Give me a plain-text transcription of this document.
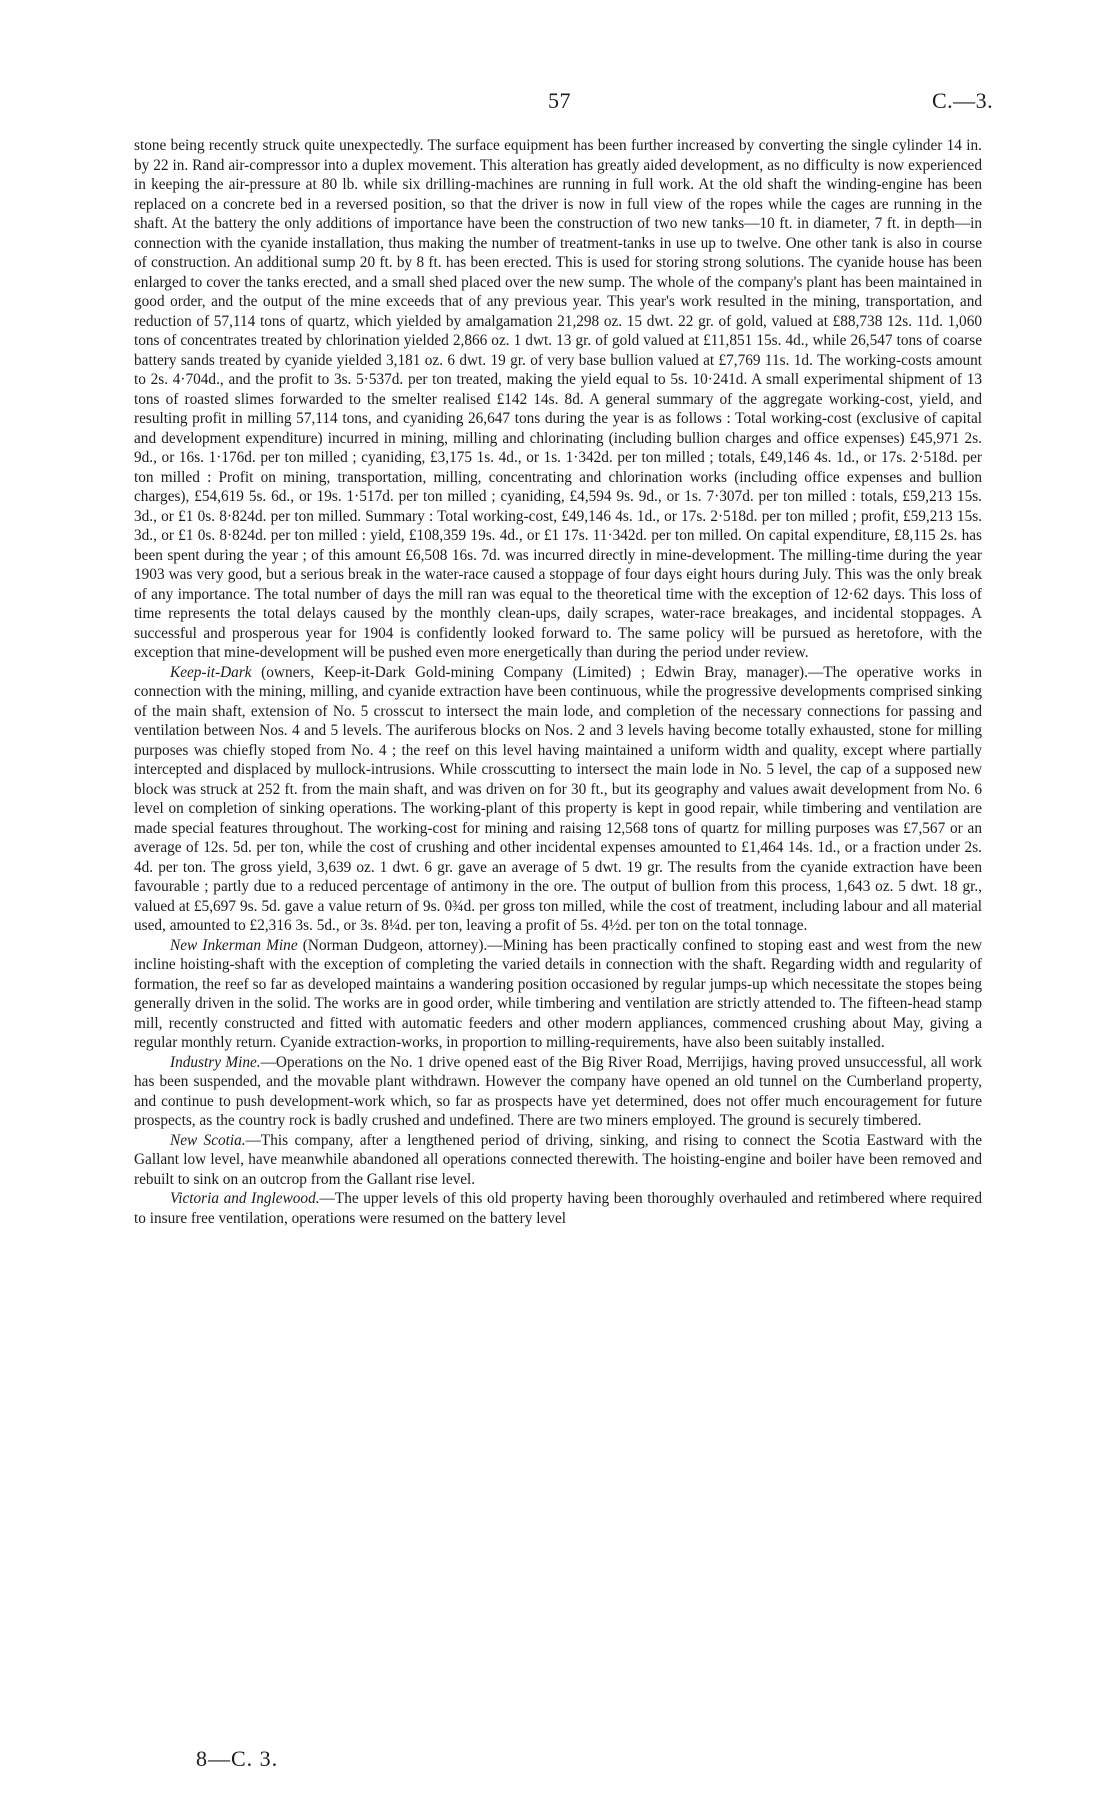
57	C.—3.

stone being recently struck quite unexpectedly. The surface equipment has been further increased by converting the single cylinder 14 in. by 22 in. Rand air-compressor into a duplex movement. This alteration has greatly aided development, as no difficulty is now experienced in keeping the air-pressure at 80 lb. while six drilling-machines are running in full work. At the old shaft the winding-engine has been replaced on a concrete bed in a reversed position, so that the driver is now in full view of the ropes while the cages are running in the shaft. At the battery the only additions of importance have been the construction of two new tanks—10 ft. in diameter, 7 ft. in depth—in connection with the cyanide installation, thus making the number of treatment-tanks in use up to twelve. One other tank is also in course of construction. An additional sump 20 ft. by 8 ft. has been erected. This is used for storing strong solutions. The cyanide house has been enlarged to cover the tanks erected, and a small shed placed over the new sump. The whole of the company's plant has been maintained in good order, and the output of the mine exceeds that of any previous year. This year's work resulted in the mining, transportation, and reduction of 57,114 tons of quartz, which yielded by amalgamation 21,298 oz. 15 dwt. 22 gr. of gold, valued at £88,738 12s. 11d. 1,060 tons of concentrates treated by chlorination yielded 2,866 oz. 1 dwt. 13 gr. of gold valued at £11,851 15s. 4d., while 26,547 tons of coarse battery sands treated by cyanide yielded 3,181 oz. 6 dwt. 19 gr. of very base bullion valued at £7,769 11s. 1d. The working-costs amount to 2s. 4·704d., and the profit to 3s. 5·537d. per ton treated, making the yield equal to 5s. 10·241d. A small experimental shipment of 13 tons of roasted slimes forwarded to the smelter realised £142 14s. 8d. A general summary of the aggregate working-cost, yield, and resulting profit in milling 57,114 tons, and cyaniding 26,647 tons during the year is as follows : Total working-cost (exclusive of capital and development expenditure) incurred in mining, milling and chlorinating (including bullion charges and office expenses) £45,971 2s. 9d., or 16s. 1·176d. per ton milled ; cyaniding, £3,175 1s. 4d., or 1s. 1·342d. per ton milled ; totals, £49,146 4s. 1d., or 17s. 2·518d. per ton milled : Profit on mining, transportation, milling, concentrating and chlorination works (including office expenses and bullion charges), £54,619 5s. 6d., or 19s. 1·517d. per ton milled ; cyaniding, £4,594 9s. 9d., or 1s. 7·307d. per ton milled : totals, £59,213 15s. 3d., or £1 0s. 8·824d. per ton milled. Summary : Total working-cost, £49,146 4s. 1d., or 17s. 2·518d. per ton milled ; profit, £59,213 15s. 3d., or £1 0s. 8·824d. per ton milled : yield, £108,359 19s. 4d., or £1 17s. 11·342d. per ton milled. On capital expenditure, £8,115 2s. has been spent during the year ; of this amount £6,508 16s. 7d. was incurred directly in mine-development. The milling-time during the year 1903 was very good, but a serious break in the water-race caused a stoppage of four days eight hours during July. This was the only break of any importance. The total number of days the mill ran was equal to the theoretical time with the exception of 12·62 days. This loss of time represents the total delays caused by the monthly clean-ups, daily scrapes, water-race breakages, and incidental stoppages. A successful and prosperous year for 1904 is confidently looked forward to. The same policy will be pursued as heretofore, with the exception that mine-development will be pushed even more energetically than during the period under review.

Keep-it-Dark (owners, Keep-it-Dark Gold-mining Company (Limited) ; Edwin Bray, manager).—The operative works in connection with the mining, milling, and cyanide extraction have been continuous, while the progressive developments comprised sinking of the main shaft, extension of No. 5 crosscut to intersect the main lode, and completion of the necessary connections for passing and ventilation between Nos. 4 and 5 levels. The auriferous blocks on Nos. 2 and 3 levels having become totally exhausted, stone for milling purposes was chiefly stoped from No. 4 ; the reef on this level having maintained a uniform width and quality, except where partially intercepted and displaced by mullock-intrusions. While crosscutting to intersect the main lode in No. 5 level, the cap of a supposed new block was struck at 252 ft. from the main shaft, and was driven on for 30 ft., but its geography and values await development from No. 6 level on completion of sinking operations. The working-plant of this property is kept in good repair, while timbering and ventilation are made special features throughout. The working-cost for mining and raising 12,568 tons of quartz for milling purposes was £7,567 or an average of 12s. 5d. per ton, while the cost of crushing and other incidental expenses amounted to £1,464 14s. 1d., or a fraction under 2s. 4d. per ton. The gross yield, 3,639 oz. 1 dwt. 6 gr. gave an average of 5 dwt. 19 gr. The results from the cyanide extraction have been favourable ; partly due to a reduced percentage of antimony in the ore. The output of bullion from this process, 1,643 oz. 5 dwt. 18 gr., valued at £5,697 9s. 5d. gave a value return of 9s. 0¾d. per gross ton milled, while the cost of treatment, including labour and all material used, amounted to £2,316 3s. 5d., or 3s. 8¼d. per ton, leaving a profit of 5s. 4½d. per ton on the total tonnage.

New Inkerman Mine (Norman Dudgeon, attorney).—Mining has been practically confined to stoping east and west from the new incline hoisting-shaft with the exception of completing the varied details in connection with the shaft. Regarding width and regularity of formation, the reef so far as developed maintains a wandering position occasioned by regular jumps-up which necessitate the stopes being generally driven in the solid. The works are in good order, while timbering and ventilation are strictly attended to. The fifteen-head stamp mill, recently constructed and fitted with automatic feeders and other modern appliances, commenced crushing about May, giving a regular monthly return. Cyanide extraction-works, in proportion to milling-requirements, have also been suitably installed.

Industry Mine.—Operations on the No. 1 drive opened east of the Big River Road, Merrijigs, having proved unsuccessful, all work has been suspended, and the movable plant withdrawn. However the company have opened an old tunnel on the Cumberland property, and continue to push development-work which, so far as prospects have yet determined, does not offer much encouragement for future prospects, as the country rock is badly crushed and undefined. There are two miners employed. The ground is securely timbered.

New Scotia.—This company, after a lengthened period of driving, sinking, and rising to connect the Scotia Eastward with the Gallant low level, have meanwhile abandoned all operations connected therewith. The hoisting-engine and boiler have been removed and rebuilt to sink on an outcrop from the Gallant rise level.

Victoria and Inglewood.—The upper levels of this old property having been thoroughly overhauled and retimbered where required to insure free ventilation, operations were resumed on the battery level

8—C. 3.
